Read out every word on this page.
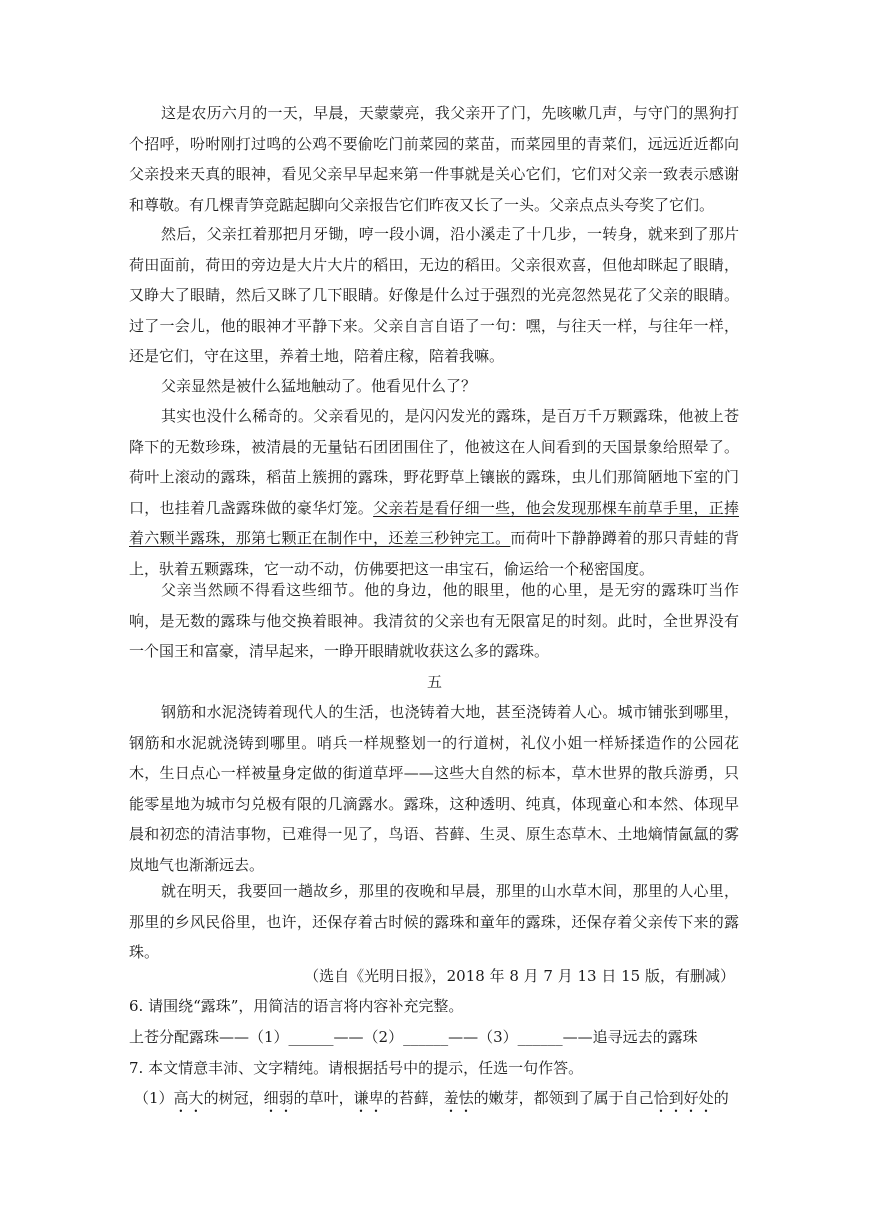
这是农历六月的一天，早晨，天蒙蒙亮，我父亲开了门，先咳嗽几声，与守门的黑狗打个招呼，吩咐刚打过鸣的公鸡不要偷吃门前菜园的菜苗，而菜园里的青菜们，远远近近都向父亲投来天真的眼神，看见父亲早早起来第一件事就是关心它们，它们对父亲一致表示感谢和尊敬。有几棵青笋竞踮起脚向父亲报告它们昨夜又长了一头。父亲点点头夸奖了它们。

然后，父亲扛着那把月牙锄，哼一段小调，沿小溪走了十几步，一转身，就来到了那片荷田面前，荷田的旁边是大片大片的稻田，无边的稻田。父亲很欢喜，但他却眯起了眼睛，又睁大了眼睛，然后又眯了几下眼睛。好像是什么过于强烈的光亮忽然晃花了父亲的眼睛。过了一会儿，他的眼神才平静下来。父亲自言自语了一句：嘿，与往天一样，与往年一样，还是它们，守在这里，养着土地，陪着庄稼，陪着我嘛。

父亲显然是被什么猛地触动了。他看见什么了？

其实也没什么稀奇的。父亲看见的，是闪闪发光的露珠，是百万千万颗露珠，他被上苍降下的无数珍珠，被清晨的无量钻石团团围住了，他被这在人间看到的天国景象给照晕了。荷叶上滚动的露珠，稻苗上簇拥的露珠，野花野草上镶嵌的露珠，虫儿们那简陋地下室的门口，也挂着几盏露珠做的豪华灯笼。父亲若是看仔细一些，他会发现那棵车前草手里，正捧着六颗半露珠，那第七颗正在制作中，还差三秒钟完工。而荷叶下静静蹲着的那只青蛙的背上，驮着五颗露珠，它一动不动，仿佛要把这一串宝石，偷运给一个秘密国度。

父亲当然顾不得看这些细节。他的身边，他的眼里，他的心里，是无穷的露珠叮当作响，是无数的露珠与他交换着眼神。我清贫的父亲也有无限富足的时刻。此时，全世界没有一个国王和富豪，清早起来，一睁开眼睛就收获这么多的露珠。

五

钢筋和水泥浇铸着现代人的生活，也浇铸着大地，甚至浇铸着人心。城市铺张到哪里，钢筋和水泥就浇铸到哪里。哨兵一样规整划一的行道树，礼仪小姐一样矫揉造作的公园花木，生日点心一样被量身定做的街道草坪——这些大自然的标本，草木世界的散兵游勇，只能零星地为城市匀兑极有限的几滴露水。露珠，这种透明、纯真，体现童心和本然、体现早晨和初恋的清洁事物，已难得一见了，鸟语、苔藓、生灵、原生态草木、土地熵情氤氲的雾岚地气也渐渐远去。

就在明天，我要回一趟故乡，那里的夜晚和早晨，那里的山水草木间，那里的人心里，那里的乡风民俗里，也许，还保存着古时候的露珠和童年的露珠，还保存着父亲传下来的露珠。

（选自《光明日报》，2018 年 8 月 7 月 13 日 15 版，有删减）
6. 请围绕“露珠”，用简洁的语言将内容补充完整。
上苍分配露珠——（1）______——（2）______——（3）______——追寻远去的露珠
7. 本文情意丰沛、文字精纯。请根据括号中的提示，任选一句作答。
（1）高大的树冠，细弱的草叶，谦卑的苔藓，羞怯的嫩芽，都领到了属于自己恰到好处的
